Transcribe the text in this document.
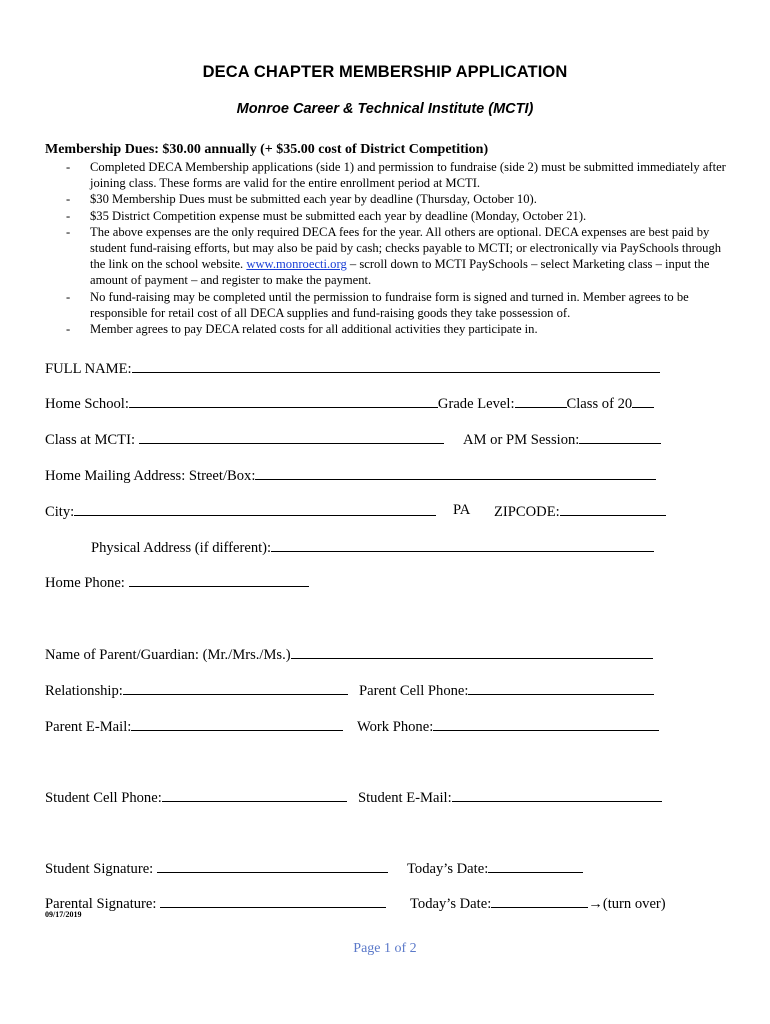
DECA CHAPTER MEMBERSHIP APPLICATION
Monroe Career & Technical Institute (MCTI)
Membership Dues: $30.00 annually (+ $35.00 cost of District Competition)
- Completed DECA Membership applications (side 1) and permission to fundraise (side 2) must be submitted immediately after joining class. These forms are valid for the entire enrollment period at MCTI.
- $30 Membership Dues must be submitted each year by deadline (Thursday, October 10).
- $35 District Competition expense must be submitted each year by deadline (Monday, October 21).
- The above expenses are the only required DECA fees for the year. All others are optional. DECA expenses are best paid by student fund-raising efforts, but may also be paid by cash; checks payable to MCTI; or electronically via PaySchools through the link on the school website. www.monroecti.org – scroll down to MCTI PaySchools – select Marketing class – input the amount of payment – and register to make the payment.
- No fund-raising may be completed until the permission to fundraise form is signed and turned in. Member agrees to be responsible for retail cost of all DECA supplies and fund-raising goods they take possession of.
- Member agrees to pay DECA related costs for all additional activities they participate in.
FULL NAME:
Home School:	Grade Level:	Class of 20
Class at MCTI:	AM or PM Session:
Home Mailing Address: Street/Box:
City:	PA ZIPCODE:
Physical Address (if different):
Home Phone:
Name of Parent/Guardian: (Mr./Mrs./Ms.)
Relationship:	Parent Cell Phone:
Parent E-Mail:	Work Phone:
Student Cell Phone:	Student E-Mail:
Student Signature:	Today’s Date:
Parental Signature:	Today’s Date:	→(turn over)
09/17/2019
Page 1 of 2
